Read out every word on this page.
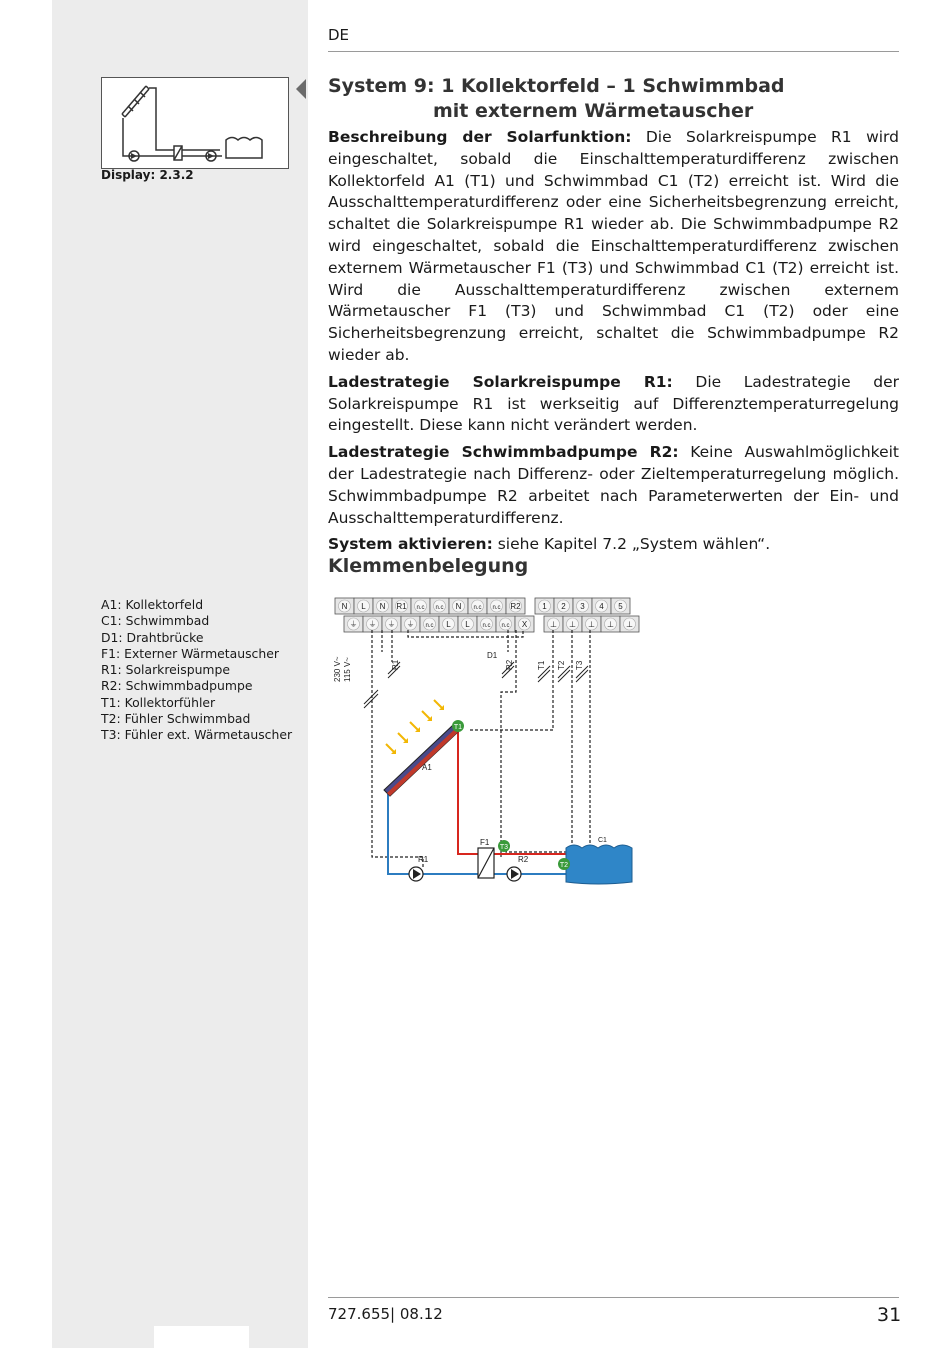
DE
Display: 2.3.2
System 9: 1 Kollektorfeld – 1 Schwimmbad
mit externem Wärmetauscher

Beschreibung der Solarfunktion: Die Solarkreispumpe R1 wird eingeschaltet, sobald die Einschalttemperaturdifferenz zwischen Kollektorfeld A1 (T1) und Schwimmbad C1 (T2) erreicht ist. Wird die Ausschalttemperaturdifferenz oder eine Sicherheitsbegrenzung erreicht, schaltet die Solarkreispumpe R1 wieder ab. Die Schwimmbadpumpe R2 wird eingeschaltet, sobald die Einschalttemperaturdifferenz zwischen externem Wärmetauscher F1 (T3) und Schwimmbad C1 (T2) erreicht ist. Wird die Ausschalttemperaturdifferenz zwischen externem Wärmetauscher F1 (T3) und Schwimmbad C1 (T2) oder eine Sicherheitsbegrenzung erreicht, schaltet die Schwimmbadpumpe R2 wieder ab.

Ladestrategie Solarkreispumpe R1: Die Ladestrategie der Solarkreispumpe R1 ist werkseitig auf Differenztemperaturregelung eingestellt. Diese kann nicht verändert werden.

Ladestrategie Schwimmbadpumpe R2: Keine Auswahlmöglichkeit der Ladestrategie nach Differenz- oder Zieltemperaturregelung möglich. Schwimmbadpumpe R2 arbeitet nach Parameterwerten der Ein- und Ausschalttemperaturdifferenz.

System aktivieren: siehe Kapitel 7.2 „System wählen“.

Klemmenbelegung
A1: Kollektorfeld
C1: Schwimmbad
D1: Drahtbrücke
F1: Externer Wärmetauscher
R1: Solarkreispumpe
R2: Schwimmbadpumpe
T1: Kollektorfühler
T2: Fühler Schwimmbad
T3: Fühler ext. Wärmetauscher
N L N R1 n.c n.c N n.c n.c R2
⏚ ⏚ ⏚ ⏚ n.c L L n.c n.c X
1 2 3 4 5
⊥ ⊥ ⊥ ⊥ ⊥
230 V~ 115 V~	R1	R2
D1
T1 T2 T3
A1
F1
R1	R2
C1
T1
T3
T2
727.655| 08.12	31
